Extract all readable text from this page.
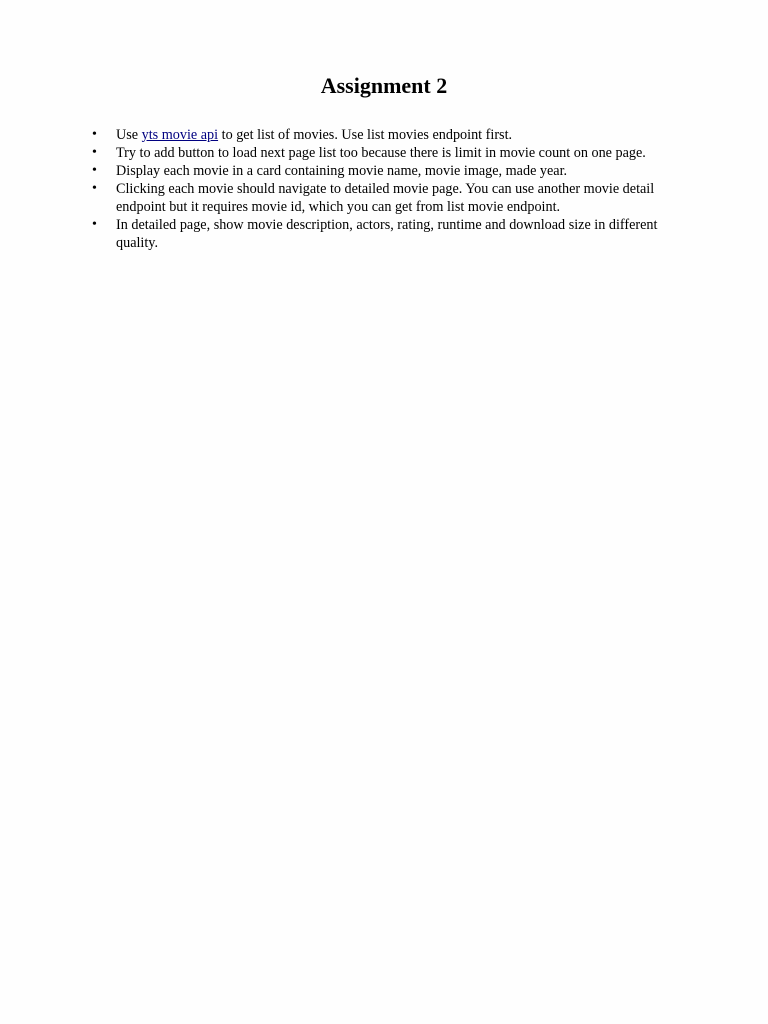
Assignment 2
•	Use yts movie api to get list of movies. Use list movies endpoint first.
•	Try to add button to load next page list too because there is limit in movie count on one page.
•	Display each movie in a card containing movie name, movie image, made year.
•	Clicking each movie should navigate to detailed movie page. You can use another movie detail endpoint but it requires movie id, which you can get from list movie endpoint.
•	In detailed page, show movie description, actors, rating, runtime and download size in different quality.
